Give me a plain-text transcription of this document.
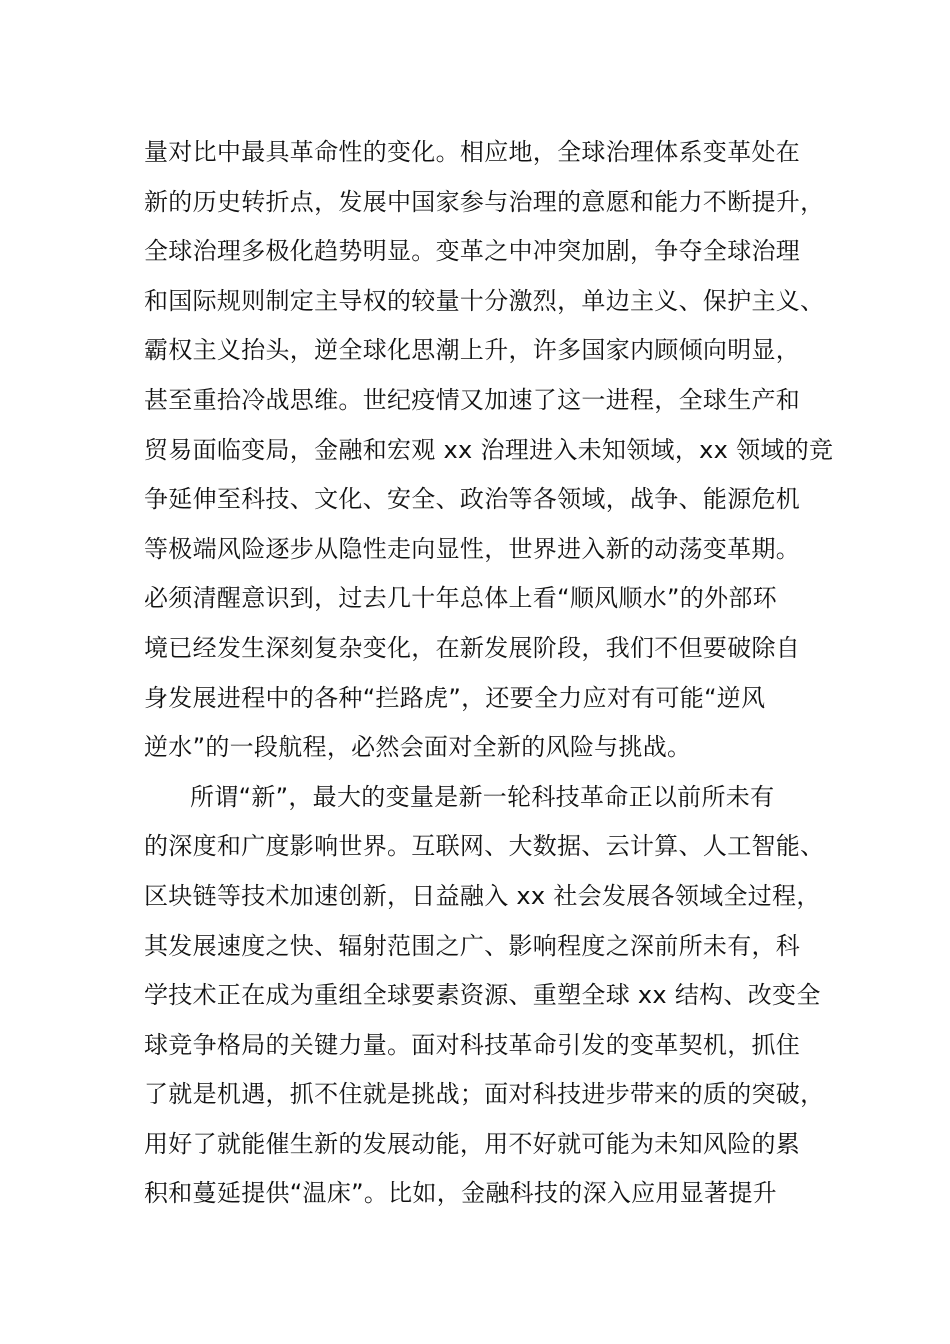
量对比中最具革命性的变化。相应地，全球治理体系变革处在
新的历史转折点，发展中国家参与治理的意愿和能力不断提升，
全球治理多极化趋势明显。变革之中冲突加剧，争夺全球治理
和国际规则制定主导权的较量十分激烈，单边主义、保护主义、
霸权主义抬头，逆全球化思潮上升，许多国家内顾倾向明显，
甚至重拾冷战思维。世纪疫情又加速了这一进程，全球生产和
贸易面临变局，金融和宏观 xx 治理进入未知领域，xx 领域的竞
争延伸至科技、文化、安全、政治等各领域，战争、能源危机
等极端风险逐步从隐性走向显性，世界进入新的动荡变革期。
必须清醒意识到，过去几十年总体上看“顺风顺水”的外部环
境已经发生深刻复杂变化，在新发展阶段，我们不但要破除自
身发展进程中的各种“拦路虎”，还要全力应对有可能“逆风
逆水”的一段航程，必然会面对全新的风险与挑战。
所谓“新”，最大的变量是新一轮科技革命正以前所未有
的深度和广度影响世界。互联网、大数据、云计算、人工智能、
区块链等技术加速创新，日益融入 xx 社会发展各领域全过程，
其发展速度之快、辐射范围之广、影响程度之深前所未有，科
学技术正在成为重组全球要素资源、重塑全球 xx 结构、改变全
球竞争格局的关键力量。面对科技革命引发的变革契机，抓住
了就是机遇，抓不住就是挑战；面对科技进步带来的质的突破，
用好了就能催生新的发展动能，用不好就可能为未知风险的累
积和蔓延提供“温床”。比如，金融科技的深入应用显著提升
